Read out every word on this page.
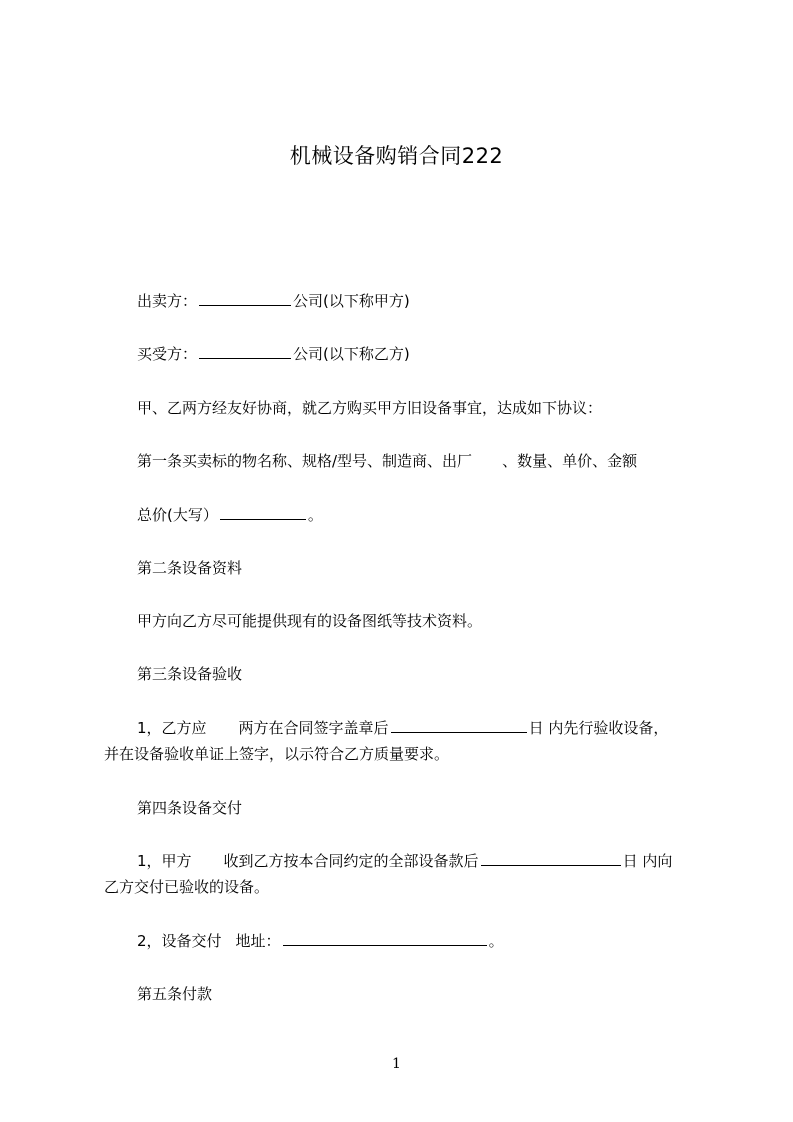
机械设备购销合同222
出卖方：	公司(以下称甲方)
买受方：	公司(以下称乙方)
甲、乙两方经友好协商，就乙方购买甲方旧设备事宜，达成如下协议：
第一条买卖标的物名称、规格/型号、制造商、出厂 、数量、单价、金额
总价(大写）	。
第二条设备资料
甲方向乙方尽可能提供现有的设备图纸等技术资料。
第三条设备验收
1，乙方应 两方在合同签字盖章后	日 内先行验收设备，
并在设备验收单证上签字，以示符合乙方质量要求。
第四条设备交付
1，甲方 收到乙方按本合同约定的全部设备款后	日 内向
乙方交付已验收的设备。
2，设备交付 地址：	。
第五条付款
1
